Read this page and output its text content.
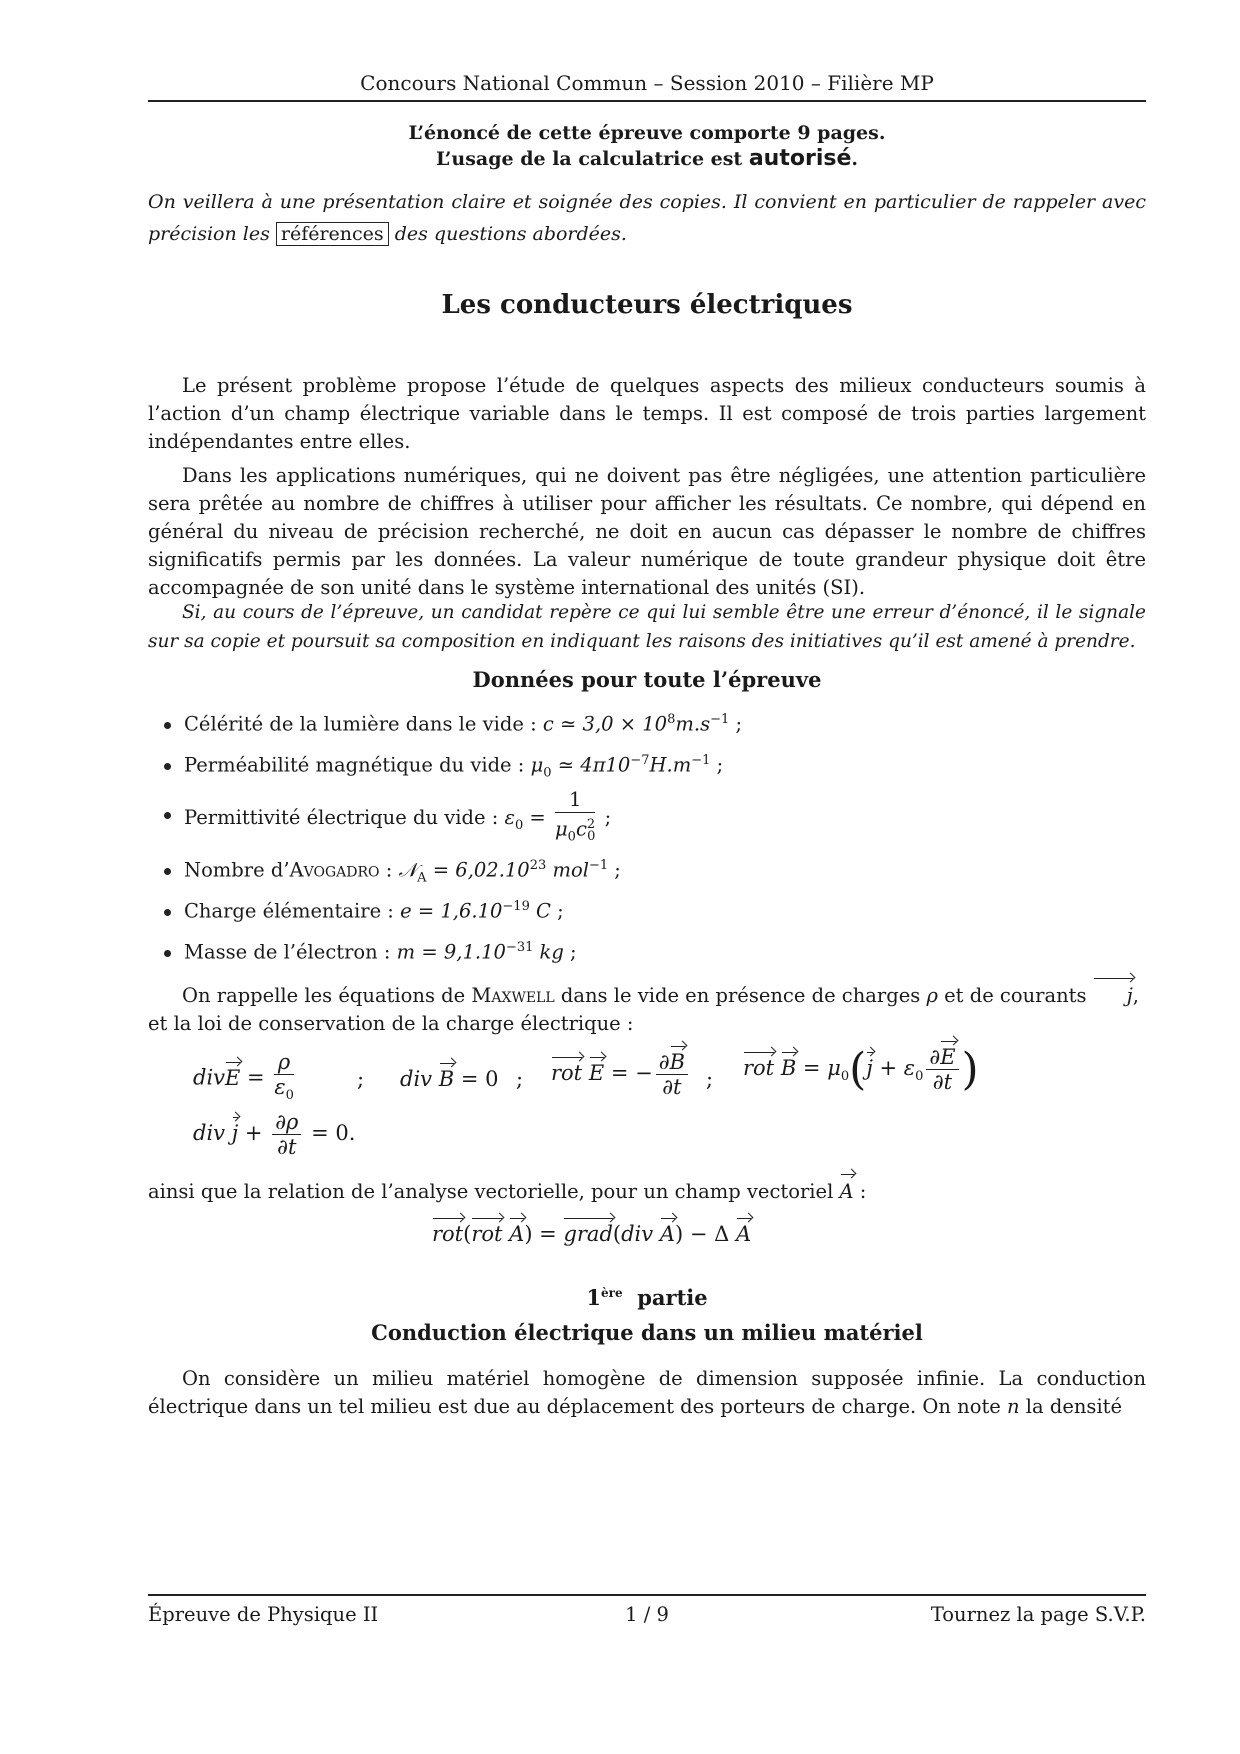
Concours National Commun – Session 2010 – Filière MP
L’énoncé de cette épreuve comporte 9 pages.
L’usage de la calculatrice est autorisé.
On veillera à une présentation claire et soignée des copies. Il convient en particulier de rappeler avec précision les références des questions abordées.
Les conducteurs électriques

Le présent problème propose l’étude de quelques aspects des milieux conducteurs soumis à l’action d’un champ électrique variable dans le temps. Il est composé de trois parties largement indépendantes entre elles.

Dans les applications numériques, qui ne doivent pas être négligées, une attention particulière sera prêtée au nombre de chiffres à utiliser pour afficher les résultats. Ce nombre, qui dépend en général du niveau de précision recherché, ne doit en aucun cas dépasser le nombre de chiffres significatifs permis par les données. La valeur numérique de toute grandeur physique doit être accompagnée de son unité dans le système international des unités (SI).

Si, au cours de l’épreuve, un candidat repère ce qui lui semble être une erreur d’énoncé, il le signale sur sa copie et poursuit sa composition en indiquant les raisons des initiatives qu’il est amené à prendre.
Données pour toute l’épreuve
Célérité de la lumière dans le vide : c ≃ $3,0 \times 10^8m.s^{-1}$ ;
Perméabilité magnétique du vide : $\mu_0$ ≃ $4\pi 10^{-7}H.m^{-1}$ ;
Permittivité électrique du vide : $\varepsilon_0 = \frac{1}{\mu_0c^2_0}$ ;
Nombre d’Avogadro : 𝒩$_A$ = $6,02.10^{23}$ mol$^{-1}$ ;
Charge élémentaire : $e = 1,6.10^{-19}$ C ;
Masse de l’électron : $m = 9,1.10^{-31}$ kg ;

On rappelle les équations de Maxwell dans le vide en présence de charges ρ et de courants j,

et la loi de conservation de la charge électrique :

divE = $\frac{\rho}{\varepsilon_0}$	; div B = 0 ; rot E = − $\frac{\partial B}{\partial t}$ ; rot $B = \mu_0(j + \varepsilon_0 \frac{\partial E}{\partial t}$ )
div $j + \frac{\partial\rho}{\partial t} = 0$.
ainsi que la relation de l’analyse vectorielle, pour un champ vectoriel A :
rot(rot A) = grad(div A) − Δ A
1ère partie
Conduction électrique dans un milieu matériel
On considère un milieu matériel homogène de dimension supposée infinie. La conduction électrique dans un tel milieu est due au déplacement des porteurs de charge. On note n la densité
Épreuve de Physique II	1 / 9	Tournez la page S.V.P.
